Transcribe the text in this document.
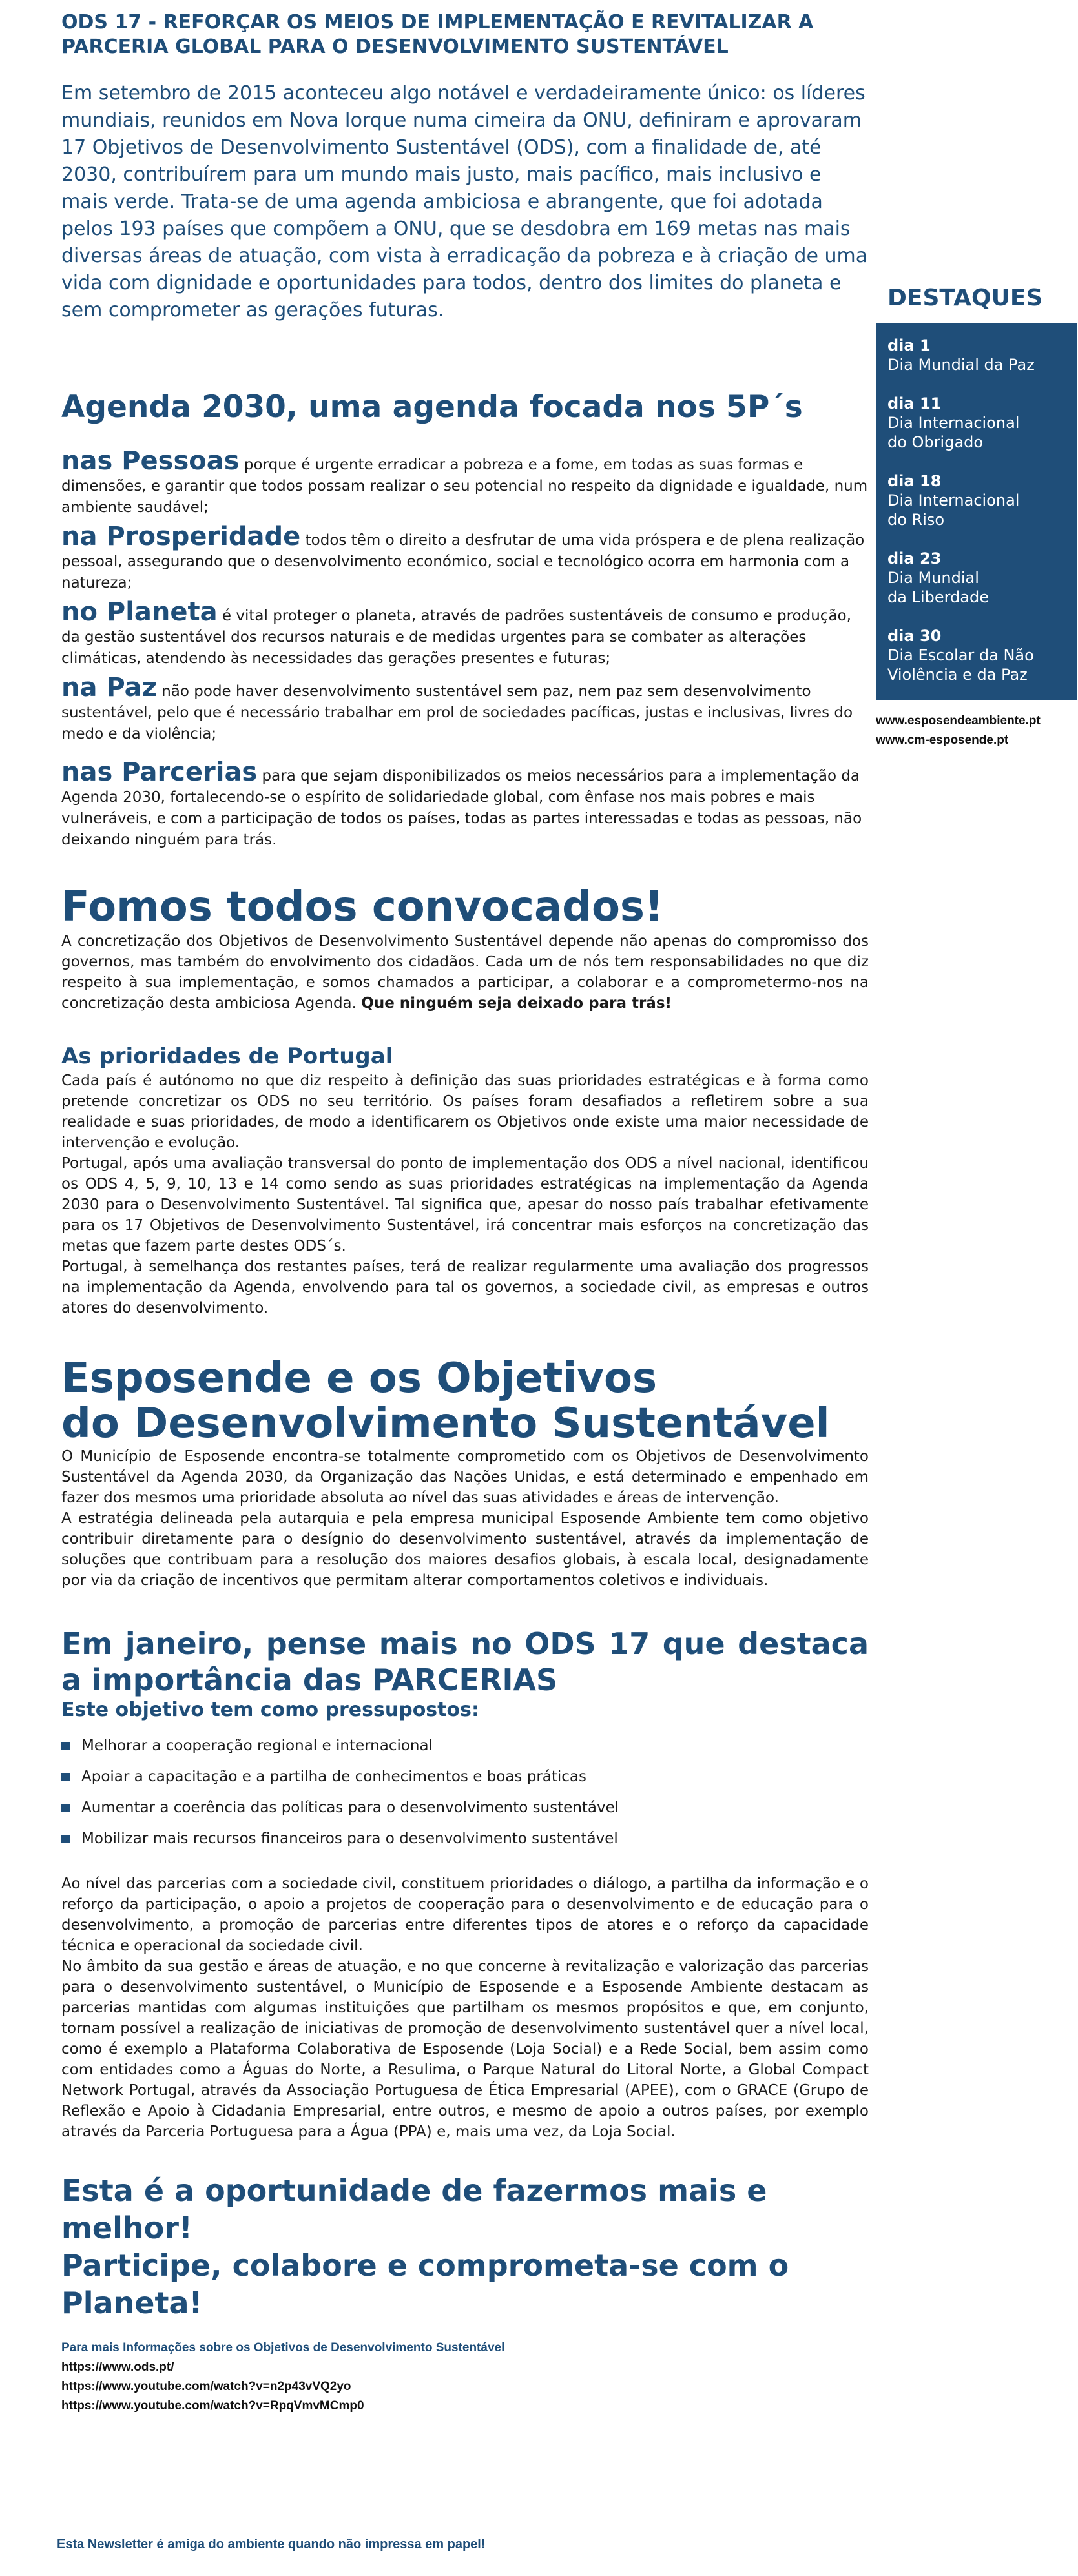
ODS 17 - REFORÇAR OS MEIOS DE IMPLEMENTAÇÃO E REVITALIZAR A PARCERIA GLOBAL PARA O DESENVOLVIMENTO SUSTENTÁVEL

Em setembro de 2015 aconteceu algo notável e verdadeiramente único: os líderes mundiais, reunidos em Nova Iorque numa cimeira da ONU, definiram e aprovaram 17 Objetivos de Desenvolvimento Sustentável (ODS), com a finalidade de, até 2030, contribuírem para um mundo mais justo, mais pacífico, mais inclusivo e mais verde. Trata-se de uma agenda ambiciosa e abrangente, que foi adotada pelos 193 países que compõem a ONU, que se desdobra em 169 metas nas mais diversas áreas de atuação, com vista à erradicação da pobreza e à criação de uma vida com dignidade e oportunidades para todos, dentro dos limites do planeta e sem comprometer as gerações futuras.

Agenda 2030, uma agenda focada nos 5P´s

nas Pessoas porque é urgente erradicar a pobreza e a fome, em todas as suas formas e dimensões, e garantir que todos possam realizar o seu potencial no respeito da dignidade e igualdade, num ambiente saudável;

na Prosperidade todos têm o direito a desfrutar de uma vida próspera e de plena realização pessoal, assegurando que o desenvolvimento económico, social e tecnológico ocorra em harmonia com a natureza;

no Planeta é vital proteger o planeta, através de padrões sustentáveis de consumo e produção, da gestão sustentável dos recursos naturais e de medidas urgentes para se combater as alterações climáticas, atendendo às necessidades das gerações presentes e futuras;

na Paz não pode haver desenvolvimento sustentável sem paz, nem paz sem desenvolvimento sustentável, pelo que é necessário trabalhar em prol de sociedades pacíficas, justas e inclusivas, livres do medo e da violência;

nas Parcerias para que sejam disponibilizados os meios necessários para a implementação da Agenda 2030, fortalecendo-se o espírito de solidariedade global, com ênfase nos mais pobres e mais vulneráveis, e com a participação de todos os países, todas as partes interessadas e todas as pessoas, não deixando ninguém para trás.

Fomos todos convocados!

A concretização dos Objetivos de Desenvolvimento Sustentável depende não apenas do compromisso dos governos, mas também do envolvimento dos cidadãos. Cada um de nós tem responsabilidades no que diz respeito à sua implementação, e somos chamados a participar, a colaborar e a comprometermo-nos na concretização desta ambiciosa Agenda. Que ninguém seja deixado para trás!

As prioridades de Portugal

Cada país é autónomo no que diz respeito à definição das suas prioridades estratégicas e à forma como pretende concretizar os ODS no seu território. Os países foram desafiados a refletirem sobre a sua realidade e suas prioridades, de modo a identificarem os Objetivos onde existe uma maior necessidade de intervenção e evolução.

Portugal, após uma avaliação transversal do ponto de implementação dos ODS a nível nacional, identificou os ODS 4, 5, 9, 10, 13 e 14 como sendo as suas prioridades estratégicas na implementação da Agenda 2030 para o Desenvolvimento Sustentável. Tal significa que, apesar do nosso país trabalhar efetivamente para os 17 Objetivos de Desenvolvimento Sustentável, irá concentrar mais esforços na concretização das metas que fazem parte destes ODS´s.

Portugal, à semelhança dos restantes países, terá de realizar regularmente uma avaliação dos progressos na implementação da Agenda, envolvendo para tal os governos, a sociedade civil, as empresas e outros atores do desenvolvimento.

Esposende e os Objetivos
do Desenvolvimento Sustentável

O Município de Esposende encontra-se totalmente comprometido com os Objetivos de Desenvolvimento Sustentável da Agenda 2030, da Organização das Nações Unidas, e está determinado e empenhado em fazer dos mesmos uma prioridade absoluta ao nível das suas atividades e áreas de intervenção.

A estratégia delineada pela autarquia e pela empresa municipal Esposende Ambiente tem como objetivo contribuir diretamente para o desígnio do desenvolvimento sustentável, através da implementação de soluções que contribuam para a resolução dos maiores desafios globais, à escala local, designadamente por via da criação de incentivos que permitam alterar comportamentos coletivos e individuais.

Em janeiro, pense mais no ODS 17 que destaca a importância das PARCERIAS
Este objetivo tem como pressupostos:
Melhorar a cooperação regional e internacional
Apoiar a capacitação e a partilha de conhecimentos e boas práticas
Aumentar a coerência das políticas para o desenvolvimento sustentável
Mobilizar mais recursos financeiros para o desenvolvimento sustentável

Ao nível das parcerias com a sociedade civil, constituem prioridades o diálogo, a partilha da informação e o reforço da participação, o apoio a projetos de cooperação para o desenvolvimento e de educação para o desenvolvimento, a promoção de parcerias entre diferentes tipos de atores e o reforço da capacidade técnica e operacional da sociedade civil.

No âmbito da sua gestão e áreas de atuação, e no que concerne à revitalização e valorização das parcerias para o desenvolvimento sustentável, o Município de Esposende e a Esposende Ambiente destacam as parcerias mantidas com algumas instituições que partilham os mesmos propósitos e que, em conjunto, tornam possível a realização de iniciativas de promoção de desenvolvimento sustentável quer a nível local, como é exemplo a Plataforma Colaborativa de Esposende (Loja Social) e a Rede Social, bem assim como com entidades como a Águas do Norte, a Resulima, o Parque Natural do Litoral Norte, a Global Compact Network Portugal, através da Associação Portuguesa de Ética Empresarial (APEE), com o GRACE (Grupo de Reflexão e Apoio à Cidadania Empresarial, entre outros, e mesmo de apoio a outros países, por exemplo através da Parceria Portuguesa para a Água (PPA) e, mais uma vez, da Loja Social.

Esta é a oportunidade de fazermos mais e melhor!
Participe, colabore e comprometa-se com o Planeta!
Para mais Informações sobre os Objetivos de Desenvolvimento Sustentável
https://www.ods.pt/
https://www.youtube.com/watch?v=n2p43vVQ2yo
https://www.youtube.com/watch?v=RpqVmvMCmp0
Esta Newsletter é amiga do ambiente quando não impressa em papel!
DESTAQUES
dia 1
Dia Mundial da Paz
dia 11
Dia Internacional
do Obrigado
dia 18
Dia Internacional
do Riso
dia 23
Dia Mundial
da Liberdade
dia 30
Dia Escolar da Não
Violência e da Paz
www.esposendeambiente.pt
www.cm-esposende.pt
